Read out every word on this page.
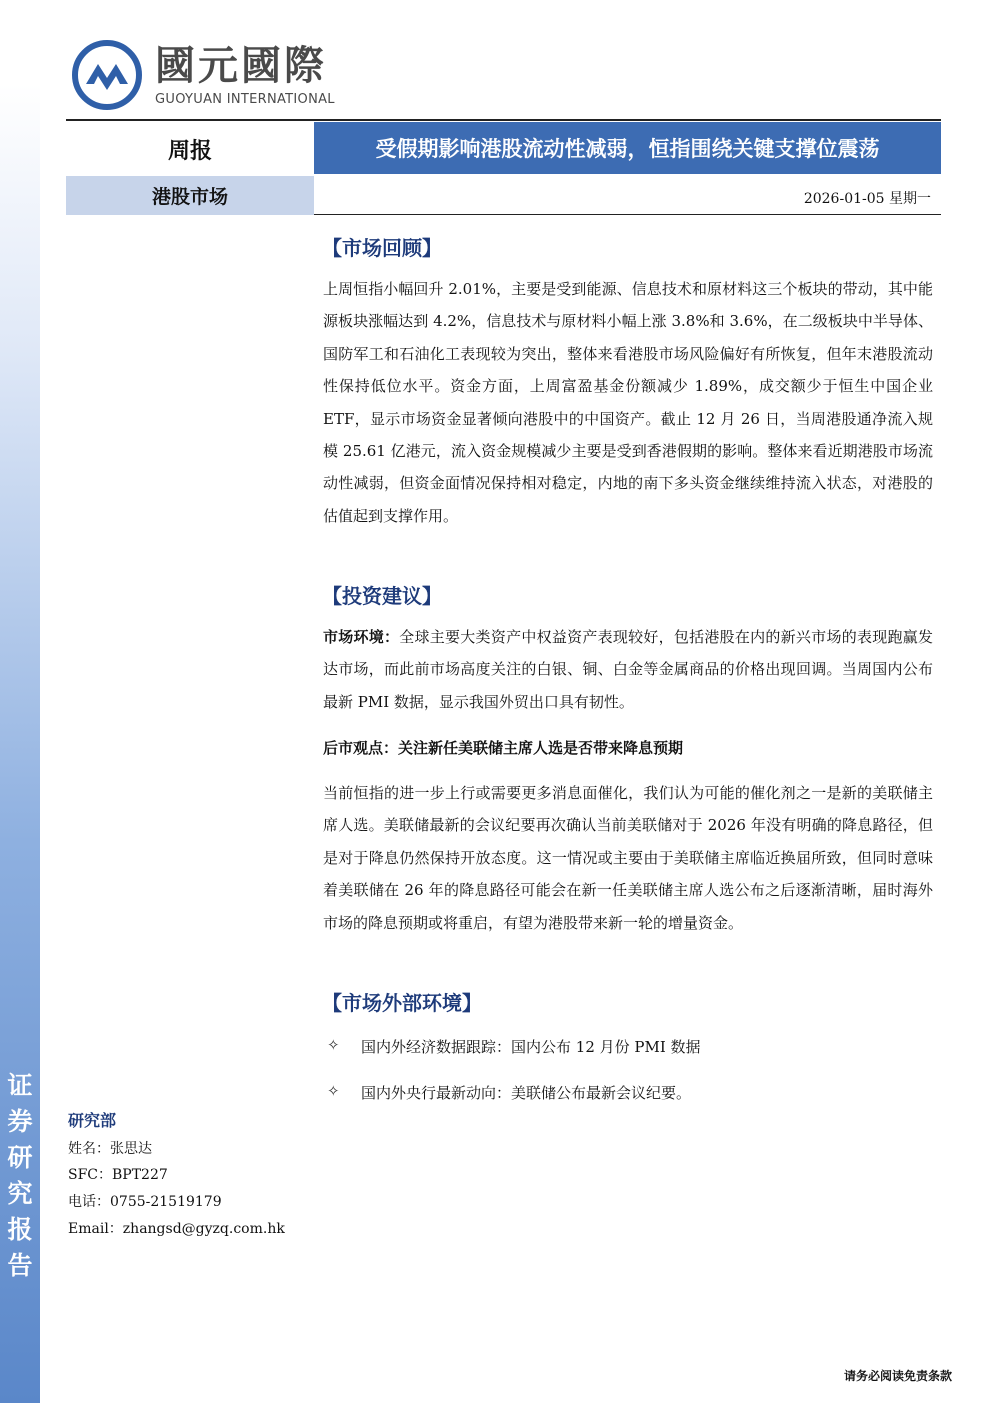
证
券
研
究
报
告
國元國際
GUOYUAN INTERNATIONAL
周报	受假期影响港股流动性减弱，恒指围绕关键支撑位震荡
港股市场	2026-01-05 星期一
【市场回顾】
上周恒指小幅回升 2.01%，主要是受到能源、信息技术和原材料这三个板块的带动，其中能源板块涨幅达到 4.2%，信息技术与原材料小幅上涨 3.8%和 3.6%，在二级板块中半导体、国防军工和石油化工表现较为突出，整体来看港股市场风险偏好有所恢复，但年末港股流动性保持低位水平。资金方面，上周富盈基金份额减少 1.89%，成交额少于恒生中国企业 ETF，显示市场资金显著倾向港股中的中国资产。截止 12 月 26 日，当周港股通净流入规模 25.61 亿港元，流入资金规模减少主要是受到香港假期的影响。整体来看近期港股市场流动性减弱，但资金面情况保持相对稳定，内地的南下多头资金继续维持流入状态，对港股的估值起到支撑作用。
【投资建议】
市场环境：全球主要大类资产中权益资产表现较好，包括港股在内的新兴市场的表现跑赢发达市场，而此前市场高度关注的白银、铜、白金等金属商品的价格出现回调。当周国内公布最新 PMI 数据，显示我国外贸出口具有韧性。
后市观点：关注新任美联储主席人选是否带来降息预期
当前恒指的进一步上行或需要更多消息面催化，我们认为可能的催化剂之一是新的美联储主席人选。美联储最新的会议纪要再次确认当前美联储对于 2026 年没有明确的降息路径，但是对于降息仍然保持开放态度。这一情况或主要由于美联储主席临近换届所致，但同时意味着美联储在 26 年的降息路径可能会在新一任美联储主席人选公布之后逐渐清晰，届时海外市场的降息预期或将重启，有望为港股带来新一轮的增量资金。
【市场外部环境】
✧	国内外经济数据跟踪：国内公布 12 月份 PMI 数据
✧	国内外央行最新动向：美联储公布最新会议纪要。
研究部
姓名：张思达
SFC：BPT227
电话：0755-21519179
Email：zhangsd@gyzq.com.hk
请务必阅读免责条款
